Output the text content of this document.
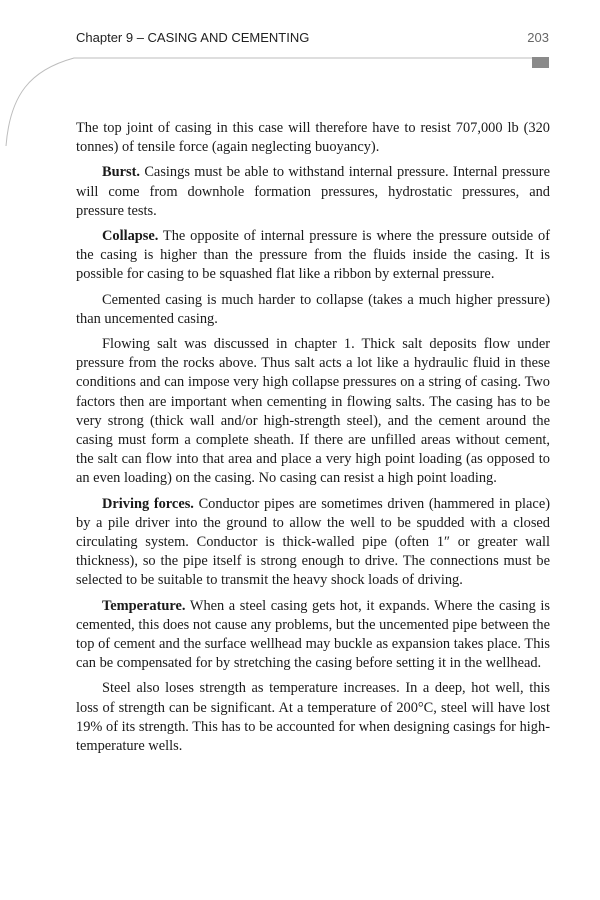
Chapter 9 – CASING AND CEMENTING	203

The top joint of casing in this case will therefore have to resist 707,000 lb (320 tonnes) of tensile force (again neglecting buoyancy).

Burst. Casings must be able to withstand internal pressure. Internal pressure will come from downhole formation pressures, hydrostatic pressures, and pressure tests.

Collapse. The opposite of internal pressure is where the pressure outside of the casing is higher than the pressure from the fluids inside the casing. It is possible for casing to be squashed flat like a ribbon by external pressure.

Cemented casing is much harder to collapse (takes a much higher pressure) than uncemented casing.

Flowing salt was discussed in chapter 1. Thick salt deposits flow under pressure from the rocks above. Thus salt acts a lot like a hydraulic fluid in these conditions and can impose very high collapse pressures on a string of casing. Two factors then are important when cementing in flowing salts. The casing has to be very strong (thick wall and/or high-strength steel), and the cement around the casing must form a complete sheath. If there are unfilled areas without cement, the salt can flow into that area and place a very high point loading (as opposed to an even loading) on the casing. No casing can resist a high point loading.

Driving forces. Conductor pipes are sometimes driven (hammered in place) by a pile driver into the ground to allow the well to be spudded with a closed circulating system. Conductor is thick-walled pipe (often 1″ or greater wall thickness), so the pipe itself is strong enough to drive. The connections must be selected to be suitable to transmit the heavy shock loads of driving.

Temperature. When a steel casing gets hot, it expands. Where the casing is cemented, this does not cause any problems, but the uncemented pipe between the top of cement and the surface wellhead may buckle as expansion takes place. This can be compensated for by stretching the casing before setting it in the wellhead.

Steel also loses strength as temperature increases. In a deep, hot well, this loss of strength can be significant. At a temperature of 200°C, steel will have lost 19% of its strength. This has to be accounted for when designing casings for high-temperature wells.
